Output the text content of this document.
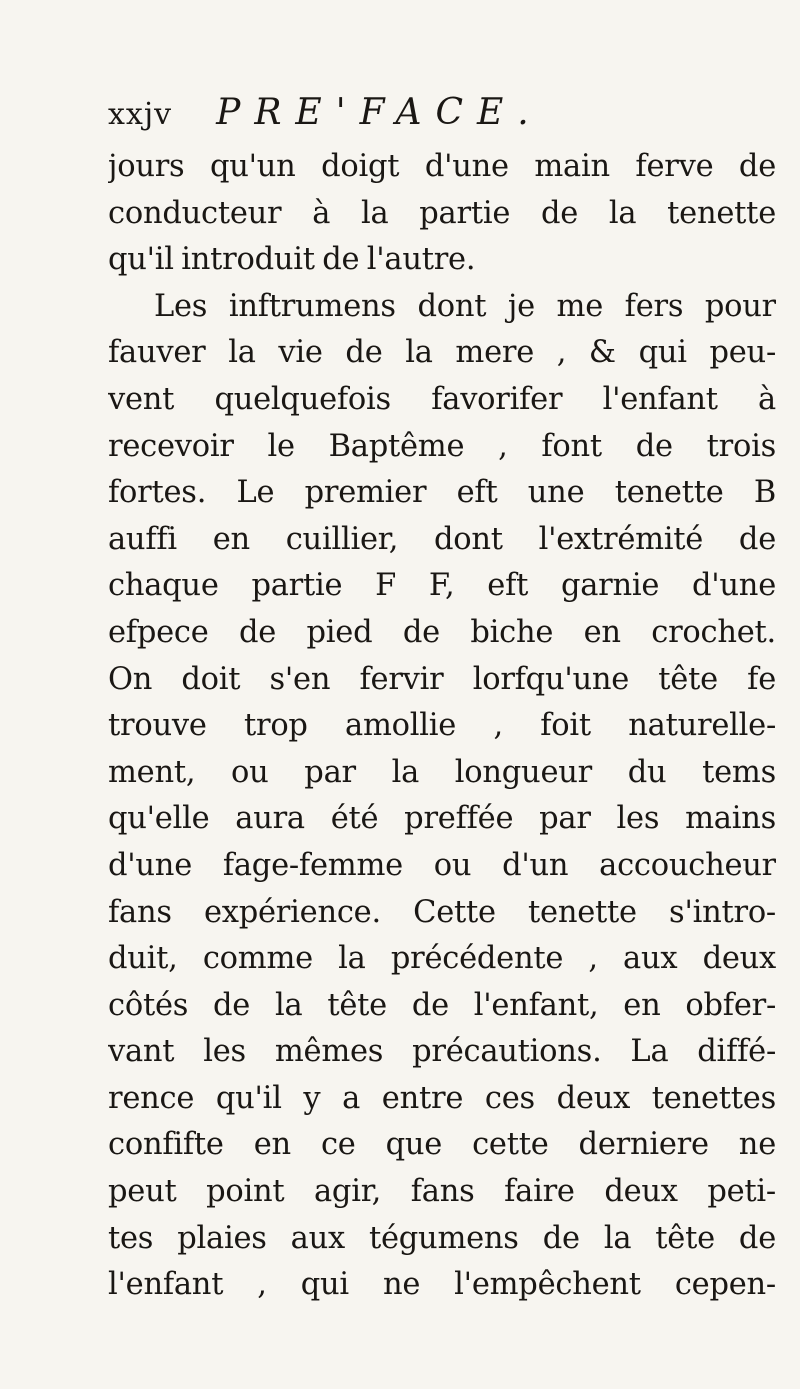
xxjv PRE'FACE.
jours qu'un doigt d'une main ferve de
conducteur à la partie de la tenette
qu'il introduit de l'autre.
Les inftrumens dont je me fers pour
fauver la vie de la mere , & qui peu-
vent quelquefois favorifer l'enfant à
recevoir le Baptême , font de trois
fortes. Le premier eft une tenette B
auffi en cuillier, dont l'extrémité de
chaque partie F F, eft garnie d'une
efpece de pied de biche en crochet.
On doit s'en fervir lorfqu'une tête fe
trouve trop amollie , foit naturelle-
ment, ou par la longueur du tems
qu'elle aura été preffée par les mains
d'une fage-femme ou d'un accoucheur
fans expérience. Cette tenette s'intro-
duit, comme la précédente , aux deux
côtés de la tête de l'enfant, en obfer-
vant les mêmes précautions. La diffé-
rence qu'il y a entre ces deux tenettes
confifte en ce que cette derniere ne
peut point agir, fans faire deux peti-
tes plaies aux tégumens de la tête de
l'enfant , qui ne l'empêchent cepen-
